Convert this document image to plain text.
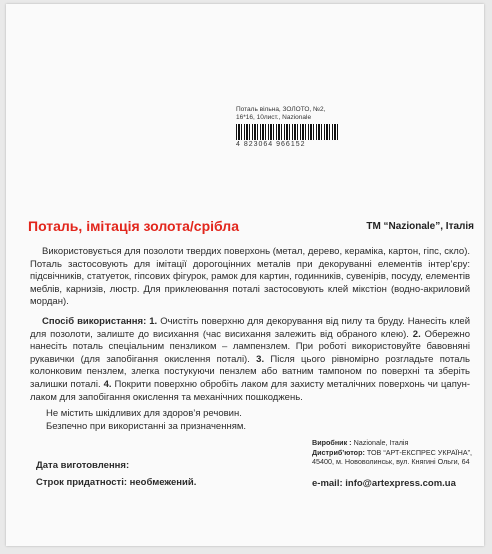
Поталь вільна, ЗОЛОТО, №2,
16*16, 10лист., Nazionale
4 823064 966152
Поталь, імітація золота/срібла	ТМ “Nazionale”, Італія

Використовується для позолоти твердих поверхонь (метал, дерево, кераміка, картон, гіпс, скло). Поталь застосовують для імітації дорогоцінних металів при декоруванні елементів інтер’єру: підсвічників, статуеток, гіпсових фігурок, рамок для картин, годинників, сувенірів, посуду, елементів меблів, карнизів, люстр. Для приклеювання поталі застосовують клей мікстіон (водно-акриловий мордан).

Спосіб використання: 1. Очистіть поверхню для декорування від пилу та бруду. Нанесіть клей для позолоти, залиште до висихання (час висихання залежить від обраного клею). 2. Обережно нанесіть поталь спеціальним пензликом – лампензлем. При роботі використовуйте бавовняні рукавички (для запобігання окислення поталі). 3. Після цього рівномірно розгладьте поталь колонковим пензлем, злегка постукуючи пензлем або ватним тампоном по поверхні та зберіть залишки поталі. 4. Покрити поверхню обробіть лаком для захисту металічних поверхонь чи цапун-лаком для запобігання окислення та механічних пошкоджень.

Не містить шкідливих для здоров’я речовин.
Безпечно при використанні за призначенням.
Дата виготовлення:
Строк придатності: необмежений.
Виробник : Nazionale, Італія
Дистриб’ютор: ТОВ “АРТ-ЕКСПРЕС УКРАЇНА”,
45400, м. Нововолинськ, вул. Княгині Ольги, 64
e-mail: info@artexpress.com.ua
